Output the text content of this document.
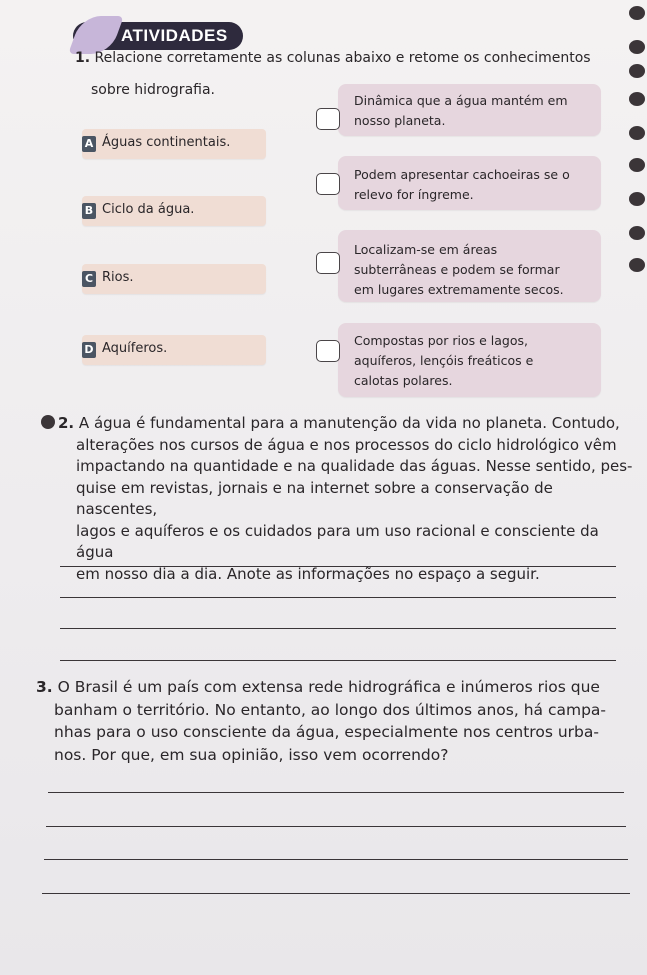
ATIVIDADES
1. Relacione corretamente as colunas abaixo e retome os conhecimentos
sobre hidrografia.
A Águas continentais.
B Ciclo da água.
C Rios.
D Aquíferos.
Dinâmica que a água mantém em
nosso planeta.
Podem apresentar cachoeiras se o
relevo for íngreme.
Localizam-se em áreas
subterrâneas e podem se formar
em lugares extremamente secos.
Compostas por rios e lagos,
aquíferos, lençóis freáticos e
calotas polares.
2. A água é fundamental para a manutenção da vida no planeta. Contudo,
alterações nos cursos de água e nos processos do ciclo hidrológico vêm
impactando na quantidade e na qualidade das águas. Nesse sentido, pes-
quise em revistas, jornais e na internet sobre a conservação de nascentes,
lagos e aquíferos e os cuidados para um uso racional e consciente da água
em nosso dia a dia. Anote as informações no espaço a seguir.
3. O Brasil é um país com extensa rede hidrográfica e inúmeros rios que
banham o território. No entanto, ao longo dos últimos anos, há campa-
nhas para o uso consciente da água, especialmente nos centros urba-
nos. Por que, em sua opinião, isso vem ocorrendo?
